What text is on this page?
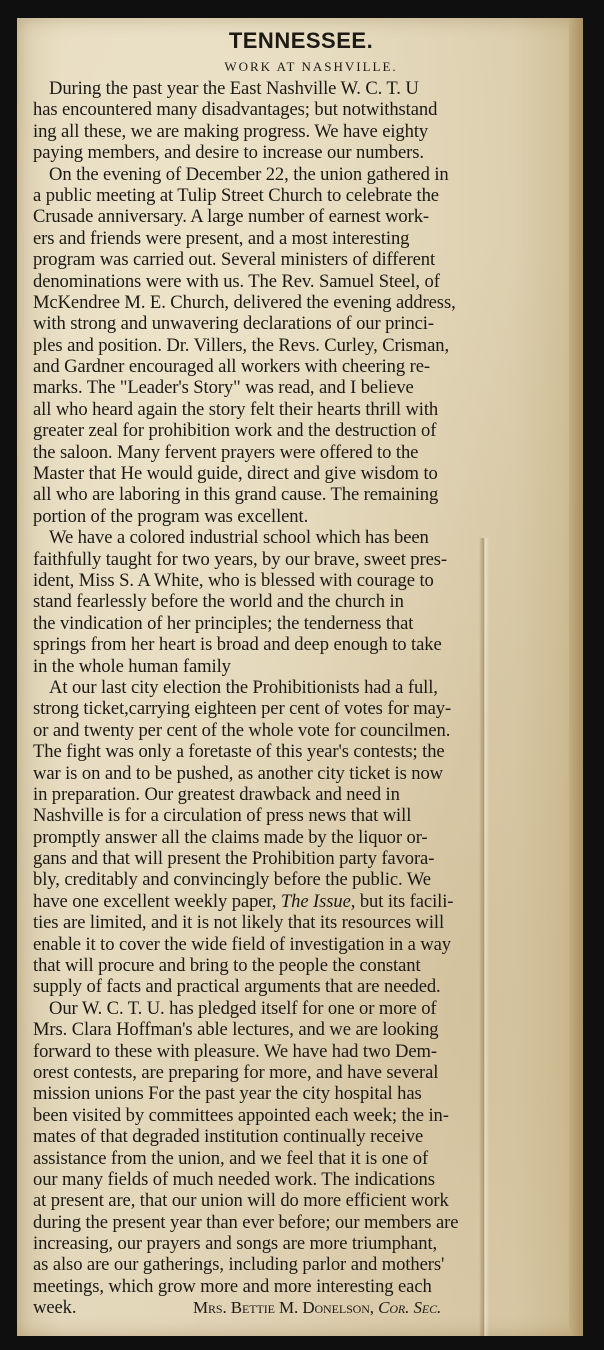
TENNESSEE.
WORK AT NASHVILLE.
During the past year the East Nashville W. C. T. U
has encountered many disadvantages; but notwithstand
ing all these, we are making progress. We have eighty
paying members, and desire to increase our numbers.
On the evening of December 22, the union gathered in
a public meeting at Tulip Street Church to celebrate the
Crusade anniversary. A large number of earnest work-
ers and friends were present, and a most interesting
program was carried out. Several ministers of different
denominations were with us. The Rev. Samuel Steel, of
McKendree M. E. Church, delivered the evening address,
with strong and unwavering declarations of our princi-
ples and position. Dr. Villers, the Revs. Curley, Crisman,
and Gardner encouraged all workers with cheering re-
marks. The "Leader's Story" was read, and I believe
all who heard again the story felt their hearts thrill with
greater zeal for prohibition work and the destruction of
the saloon. Many fervent prayers were offered to the
Master that He would guide, direct and give wisdom to
all who are laboring in this grand cause. The remaining
portion of the program was excellent.
We have a colored industrial school which has been
faithfully taught for two years, by our brave, sweet pres-
ident, Miss S. A White, who is blessed with courage to
stand fearlessly before the world and the church in
the vindication of her principles; the tenderness that
springs from her heart is broad and deep enough to take
in the whole human family
At our last city election the Prohibitionists had a full,
strong ticket,carrying eighteen per cent of votes for may-
or and twenty per cent of the whole vote for councilmen.
The fight was only a foretaste of this year's contests; the
war is on and to be pushed, as another city ticket is now
in preparation. Our greatest drawback and need in
Nashville is for a circulation of press news that will
promptly answer all the claims made by the liquor or-
gans and that will present the Prohibition party favora-
bly, creditably and convincingly before the public. We
have one excellent weekly paper, The Issue, but its facili-
ties are limited, and it is not likely that its resources will
enable it to cover the wide field of investigation in a way
that will procure and bring to the people the constant
supply of facts and practical arguments that are needed.
Our W. C. T. U. has pledged itself for one or more of
Mrs. Clara Hoffman's able lectures, and we are looking
forward to these with pleasure. We have had two Dem-
orest contests, are preparing for more, and have several
mission unions For the past year the city hospital has
been visited by committees appointed each week; the in-
mates of that degraded institution continually receive
assistance from the union, and we feel that it is one of
our many fields of much needed work. The indications
at present are, that our union will do more efficient work
during the present year than ever before; our members are
increasing, our prayers and songs are more triumphant,
as also are our gatherings, including parlor and mothers'
meetings, which grow more and more interesting each
week.	Mrs. Bettie M. Donelson, Cor. Sec.
